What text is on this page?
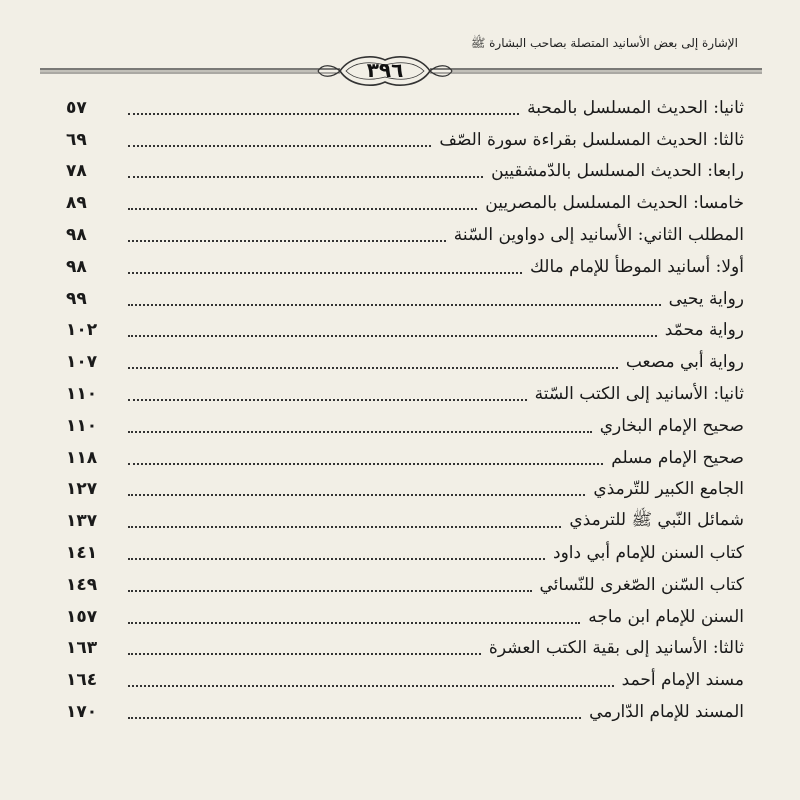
الإشارة إلى بعض الأسانيد المتصلة بصاحب البشارة ﷺ
٣٩٦
ثانيا: الحديث المسلسل بالمحبة
٥٧
ثالثا: الحديث المسلسل بقراءة سورة الصّف
٦٩
رابعا: الحديث المسلسل بالدّمشقيين
٧٨
خامسا: الحديث المسلسل بالمصريين
٨٩
المطلب الثاني: الأسانيد إلى دواوين السّنة
٩٨
أولا: أسانيد الموطأ للإمام مالك
٩٨
رواية يحيى
٩٩
رواية محمّد
١٠٢
رواية أبي مصعب
١٠٧
ثانيا: الأسانيد إلى الكتب السّتة
١١٠
صحيح الإمام البخاري
١١٠
صحيح الإمام مسلم
١١٨
الجامع الكبير للتّرمذي
١٢٧
شمائل النّبي ﷺ للترمذي
١٣٧
كتاب السنن للإمام أبي داود
١٤١
كتاب السّنن الصّغرى للنّسائي
١٤٩
السنن للإمام ابن ماجه
١٥٧
ثالثا: الأسانيد إلى بقية الكتب العشرة
١٦٣
مسند الإمام أحمد
١٦٤
المسند للإمام الدّارمي
١٧٠
